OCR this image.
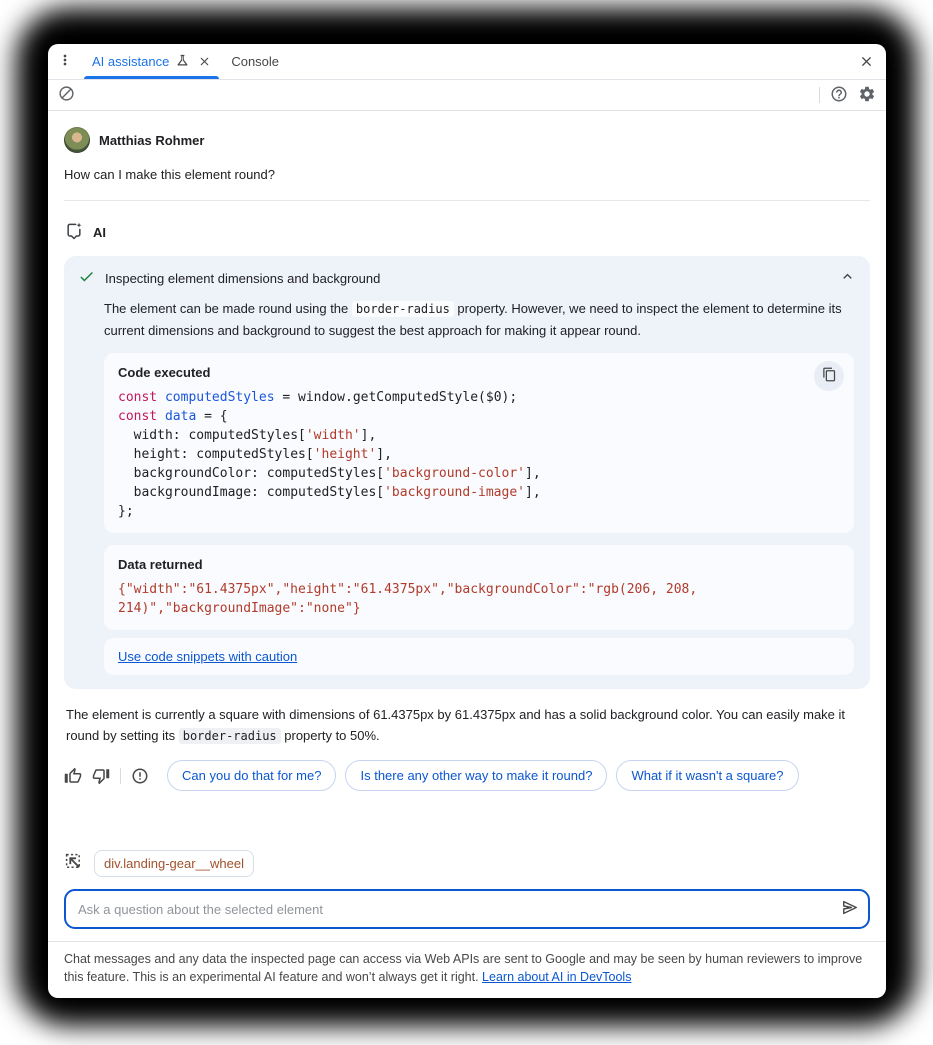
AI assistance	Console
Matthias Rohmer
How can I make this element round?
AI
Inspecting element dimensions and background

The element can be made round using the border-radius property. However, we need to inspect the element to determine its current dimensions and background to suggest the best approach for making it appear round.

Code executed
const computedStyles = window.getComputedStyle($0);
const data = {
width: computedStyles['width'],
height: computedStyles['height'],
backgroundColor: computedStyles['background-color'],
backgroundImage: computedStyles['background-image'],
};
Data returned
{"width":"61.4375px","height":"61.4375px","backgroundColor":"rgb(206, 208, 214)","backgroundImage":"none"}
Use code snippets with caution
The element is currently a square with dimensions of 61.4375px by 61.4375px and has a solid background color. You can easily make it round by setting its border-radius property to 50%.
Can you do that for me?	Is there any other way to make it round?	What if it wasn't a square?
div.landing-gear__wheel
Ask a question about the selected element
Chat messages and any data the inspected page can access via Web APIs are sent to Google and may be seen by human reviewers to improve this feature. This is an experimental AI feature and won’t always get it right. Learn about AI in DevTools
